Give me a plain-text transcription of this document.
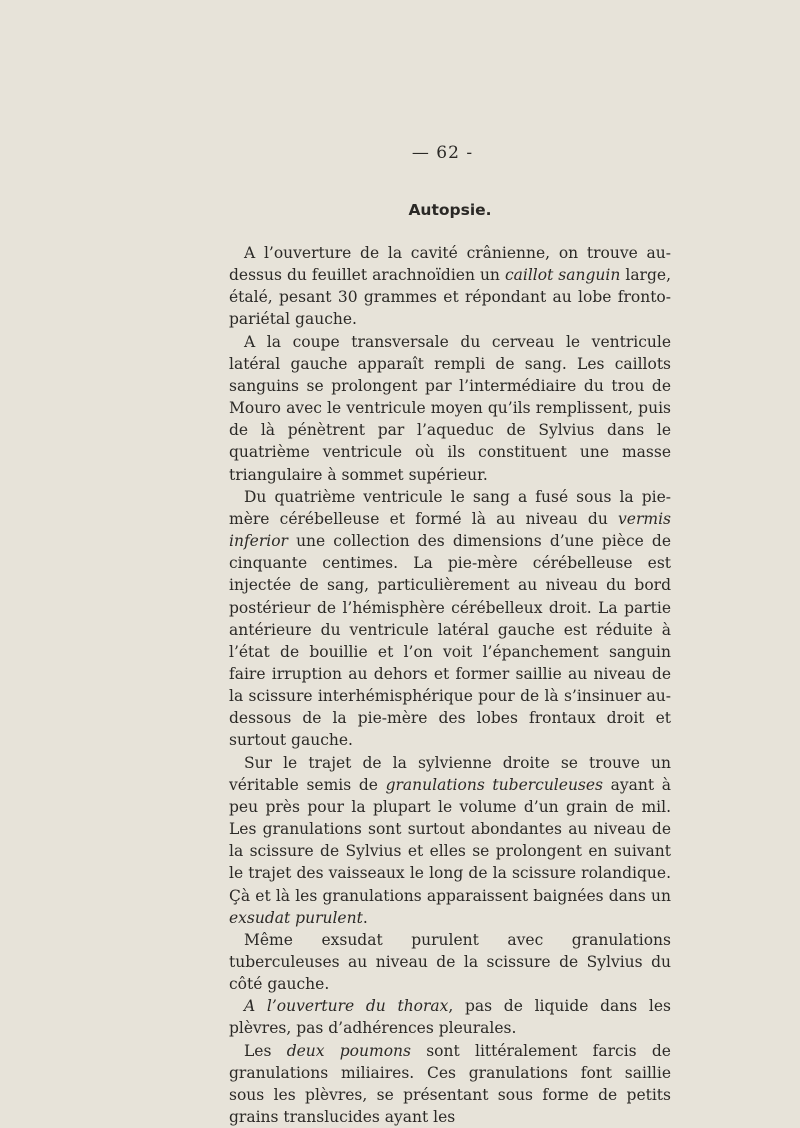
— 62 -
Autopsie.

A l’ouverture de la cavité crânienne, on trouve au-dessus du feuillet arachnoïdien un caillot sanguin large, étalé, pesant 30 grammes et répondant au lobe fronto-pariétal gauche.

A la coupe transversale du cerveau le ventricule latéral gauche apparaît rempli de sang. Les caillots sanguins se prolongent par l’intermédiaire du trou de Mouro avec le ventricule moyen qu’ils remplissent, puis de là pénètrent par l’aqueduc de Sylvius dans le quatrième ventricule où ils constituent une masse triangulaire à sommet supérieur.

Du quatrième ventricule le sang a fusé sous la pie-mère cérébelleuse et formé là au niveau du vermis inferior une collection des dimensions d’une pièce de cinquante centimes. La pie-mère cérébelleuse est injectée de sang, particulièrement au niveau du bord postérieur de l’hémisphère cérébelleux droit. La partie antérieure du ventricule latéral gauche est réduite à l’état de bouillie et l’on voit l’épanchement sanguin faire irruption au dehors et former saillie au niveau de la scissure interhémisphérique pour de là s’insinuer au-dessous de la pie-mère des lobes frontaux droit et surtout gauche.

Sur le trajet de la sylvienne droite se trouve un véritable semis de granulations tuberculeuses ayant à peu près pour la plupart le volume d’un grain de mil. Les granulations sont surtout abondantes au niveau de la scissure de Sylvius et elles se prolongent en suivant le trajet des vaisseaux le long de la scissure rolandique. Çà et là les granulations apparaissent baignées dans un exsudat purulent.

Même exsudat purulent avec granulations tuberculeuses au niveau de la scissure de Sylvius du côté gauche.

A l’ouverture du thorax, pas de liquide dans les plèvres, pas d’adhérences pleurales.

Les deux poumons sont littéralement farcis de granulations miliaires. Ces granulations font saillie sous les plèvres, se présentant sous forme de petits grains translucides ayant les
